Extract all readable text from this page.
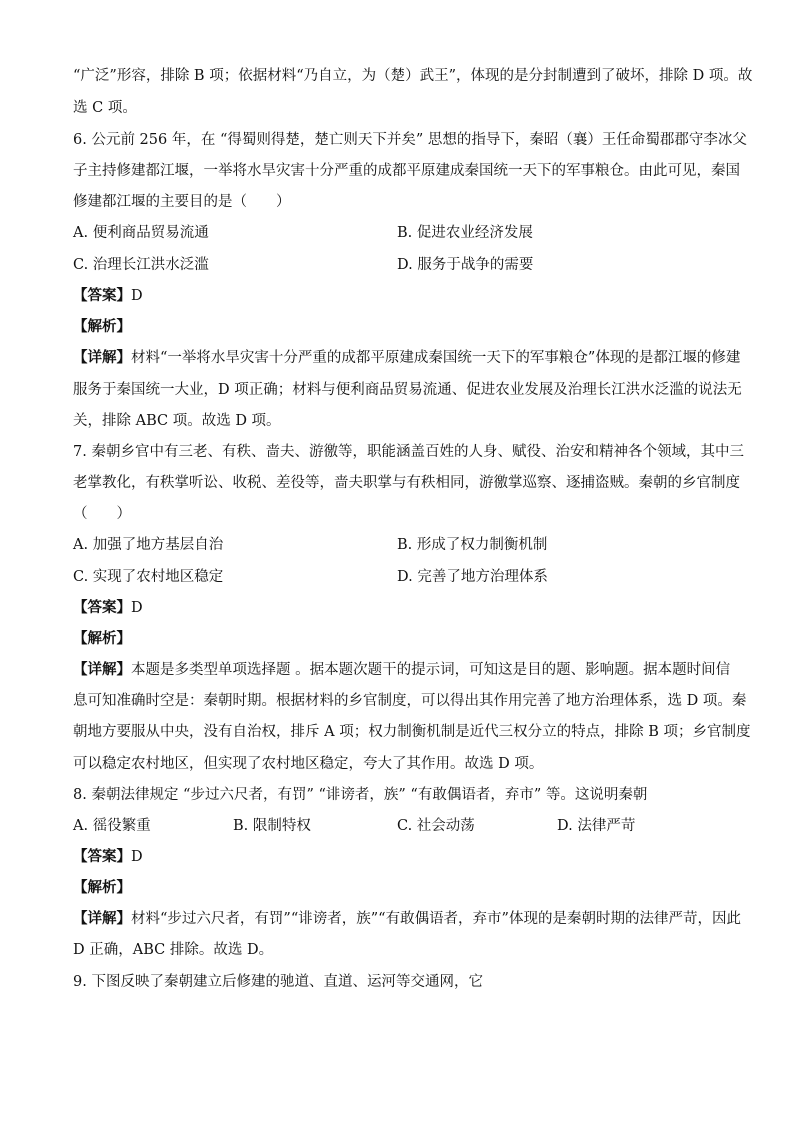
“广泛”形容，排除 B 项；依据材料“乃自立，为（楚）武王”，体现的是分封制遭到了破坏，排除 D 项。故
选 C 项。
6. 公元前 256 年，在 “得蜀则得楚，楚亡则天下并矣” 思想的指导下，秦昭（襄）王任命蜀郡郡守李冰父
子主持修建都江堰，一举将水旱灾害十分严重的成都平原建成秦国统一天下的军事粮仓。由此可见，秦国
修建都江堰的主要目的是（　　）
A. 便利商品贸易流通	B. 促进农业经济发展
C. 治理长江洪水泛滥	D. 服务于战争的需要
【答案】D
【解析】
【详解】材料“一举将水旱灾害十分严重的成都平原建成秦国统一天下的军事粮仓”体现的是都江堰的修建
服务于秦国统一大业，D 项正确；材料与便利商品贸易流通、促进农业发展及治理长江洪水泛滥的说法无
关，排除 ABC 项。故选 D 项。
7. 秦朝乡官中有三老、有秩、啬夫、游徼等，职能涵盖百姓的人身、赋役、治安和精神各个领域，其中三
老掌教化，有秩掌听讼、收税、差役等，啬夫职掌与有秩相同，游徼掌巡察、逐捕盗贼。秦朝的乡官制度
（　　）
A. 加强了地方基层自治	B. 形成了权力制衡机制
C. 实现了农村地区稳定	D. 完善了地方治理体系
【答案】D
【解析】
【详解】本题是多类型单项选择题 。据本题次题干的提示词，可知这是目的题、影响题。据本题时间信
息可知准确时空是：秦朝时期。根据材料的乡官制度，可以得出其作用完善了地方治理体系，选 D 项。秦
朝地方要服从中央，没有自治权，排斥 A 项；权力制衡机制是近代三权分立的特点，排除 B 项；乡官制度
可以稳定农村地区，但实现了农村地区稳定，夸大了其作用。故选 D 项。
8. 秦朝法律规定 “步过六尺者，有罚” “诽谤者，族” “有敢偶语者，弃市” 等。这说明秦朝
A. 徭役繁重	B. 限制特权	C. 社会动荡	D. 法律严苛
【答案】D
【解析】
【详解】材料“步过六尺者，有罚”“诽谤者，族”“有敢偶语者，弃市”体现的是秦朝时期的法律严苛，因此
D 正确，ABC 排除。故选 D。
9. 下图反映了秦朝建立后修建的驰道、直道、运河等交通网，它
